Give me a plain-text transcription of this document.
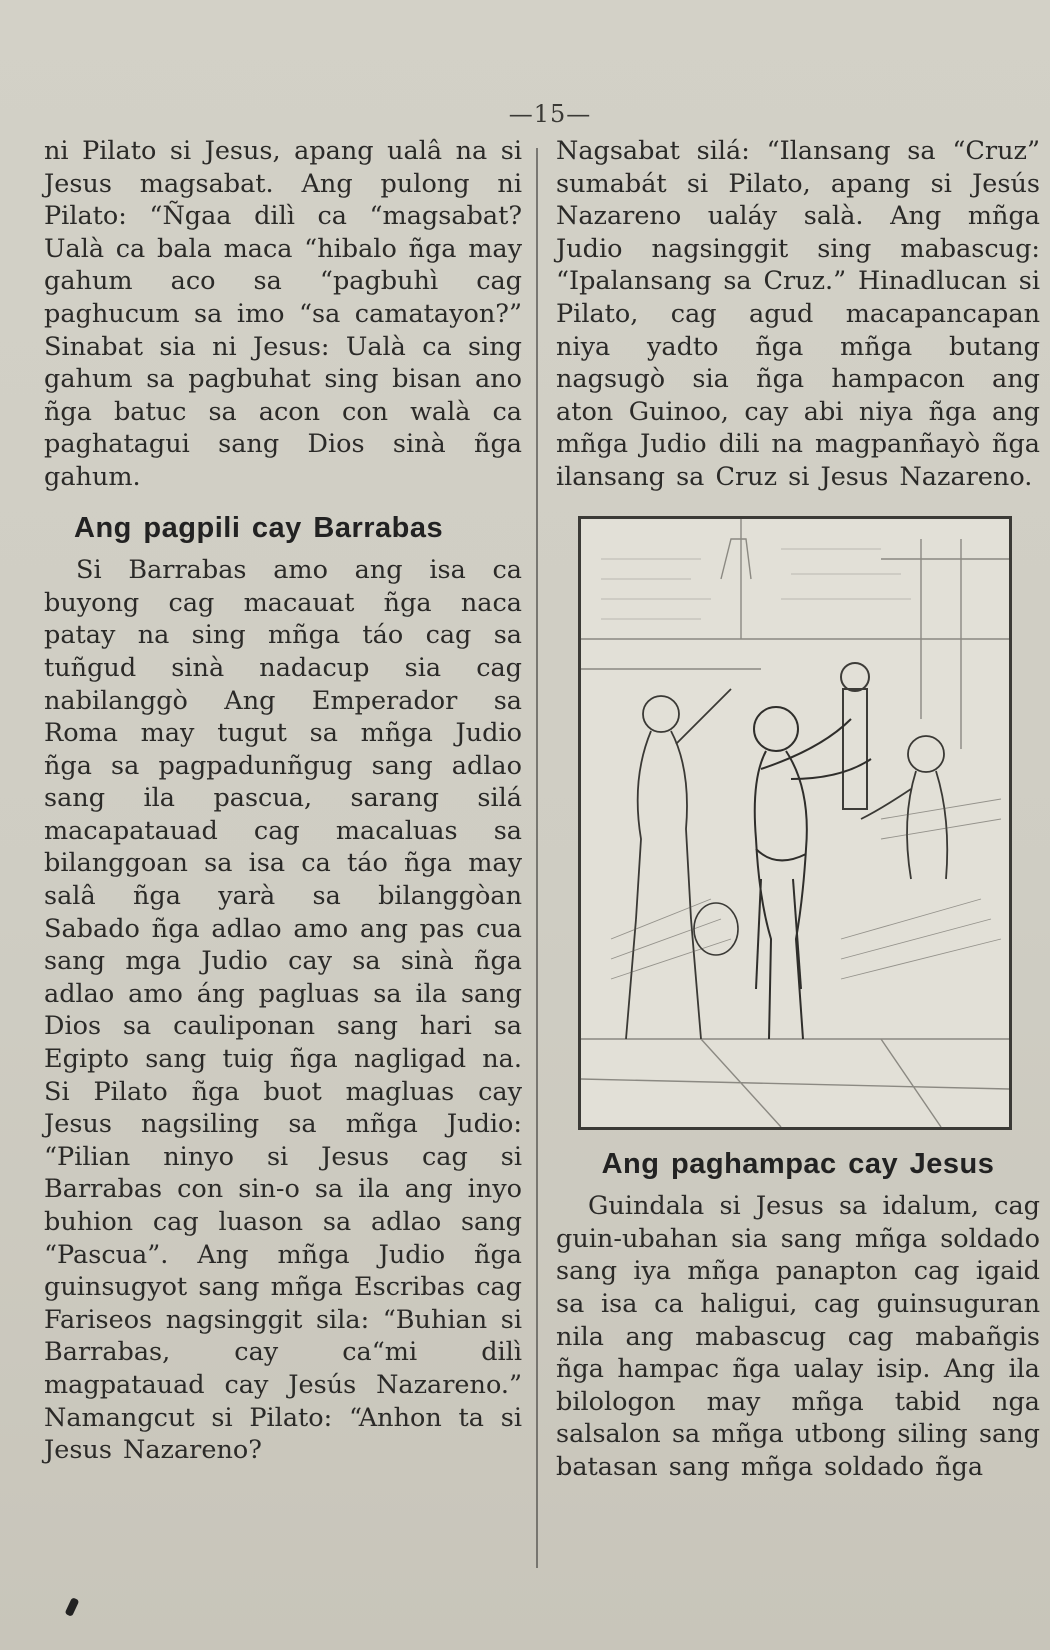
—15—

ni Pilato si Jesus, apang ualâ na si Jesus magsabat. Ang pulong ni Pilato: “Ñgaa dilì ca “magsabat? Ualà ca bala maca “hibalo ñga may gahum aco sa “pagbuhì cag paghucum sa imo “sa camatayon?” Sinabat sia ni Jesus: Ualà ca sing gahum sa pagbuhat sing bisan ano ñga batuc sa acon con walà ca paghatagui sang Dios sinà ñga gahum.

Ang pagpili cay Barrabas

Si Barrabas amo ang isa ca buyong cag macauat ñga naca patay na sing mñga táo cag sa tuñgud sinà nadacup sia cag nabilanggò Ang Emperador sa Roma may tugut sa mñga Judio ñga sa pagpadunñgug sang adlao sang ila pascua, sarang silá macapatauad cag macaluas sa bilanggoan sa isa ca táo ñga may salâ ñga yarà sa bilanggòan Sabado ñga adlao amo ang pas cua sang mga Judio cay sa sinà ñga adlao amo áng pagluas sa ila sang Dios sa cauliponan sang hari sa Egipto sang tuig ñga nagligad na. Si Pilato ñga buot magluas cay Jesus nagsiling sa mñga Judio: “Pilian ninyo si Jesus cag si Barrabas con sin-o sa ila ang inyo buhion cag luason sa adlao sang “Pascua”. Ang mñga Judio ñga guinsugyot sang mñga Escribas cag Fariseos nagsinggit sila: “Buhian si Barrabas, cay ca“mi dilì magpatauad cay Jesús Nazareno.” Namangcut si Pilato: “Anhon ta si Jesus Nazareno?

Nagsabat silá: “Ilansang sa “Cruz” sumabát si Pilato, apang si Jesús Nazareno ualáy salà. Ang mñga Judio nagsinggit sing mabascug: “Ipalansang sa Cruz.” Hinadlucan si Pilato, cag agud macapancapan niya yadto ñga mñga butang nagsugò sia ñga hampacon ang aton Guinoo, cay abi niya ñga ang mñga Judio dili na magpanñayò ñga ilansang sa Cruz si Jesus Nazareno.

Ang paghampac cay Jesus

Guindala si Jesus sa idalum, cag guin-ubahan sia sang mñga soldado sang iya mñga panapton cag igaid sa isa ca haligui, cag guinsuguran nila ang mabascug cag mabañgis ñga hampac ñga ualay isip. Ang ila bilologon may mñga tabid nga salsalon sa mñga utbong siling sang batasan sang mñga soldado ñga
